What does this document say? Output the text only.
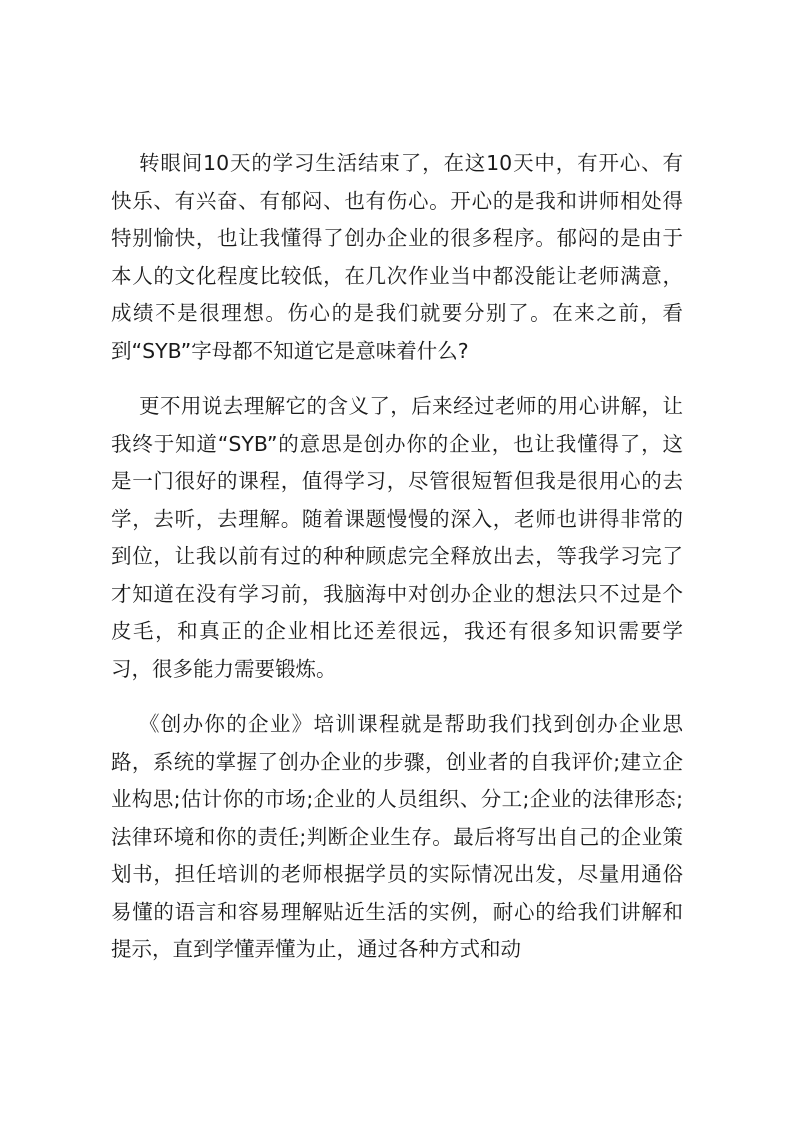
转眼间10天的学习生活结束了，在这10天中，有开心、有快乐、有兴奋、有郁闷、也有伤心。开心的是我和讲师相处得特别愉快，也让我懂得了创办企业的很多程序。郁闷的是由于本人的文化程度比较低，在几次作业当中都没能让老师满意，成绩不是很理想。伤心的是我们就要分别了。在来之前，看到“SYB”字母都不知道它是意味着什么?

更不用说去理解它的含义了，后来经过老师的用心讲解，让我终于知道“SYB”的意思是创办你的企业，也让我懂得了，这是一门很好的课程，值得学习，尽管很短暂但我是很用心的去学，去听，去理解。随着课题慢慢的深入，老师也讲得非常的到位，让我以前有过的种种顾虑完全释放出去，等我学习完了才知道在没有学习前，我脑海中对创办企业的想法只不过是个皮毛，和真正的企业相比还差很远，我还有很多知识需要学习，很多能力需要锻炼。

《创办你的企业》培训课程就是帮助我们找到创办企业思路，系统的掌握了创办企业的步骤，创业者的自我评价;建立企业构思;估计你的市场;企业的人员组织、分工;企业的法律形态;法律环境和你的责任;判断企业生存。最后将写出自己的企业策划书，担任培训的老师根据学员的实际情况出发，尽量用通俗易懂的语言和容易理解贴近生活的实例，耐心的给我们讲解和提示，直到学懂弄懂为止，通过各种方式和动
